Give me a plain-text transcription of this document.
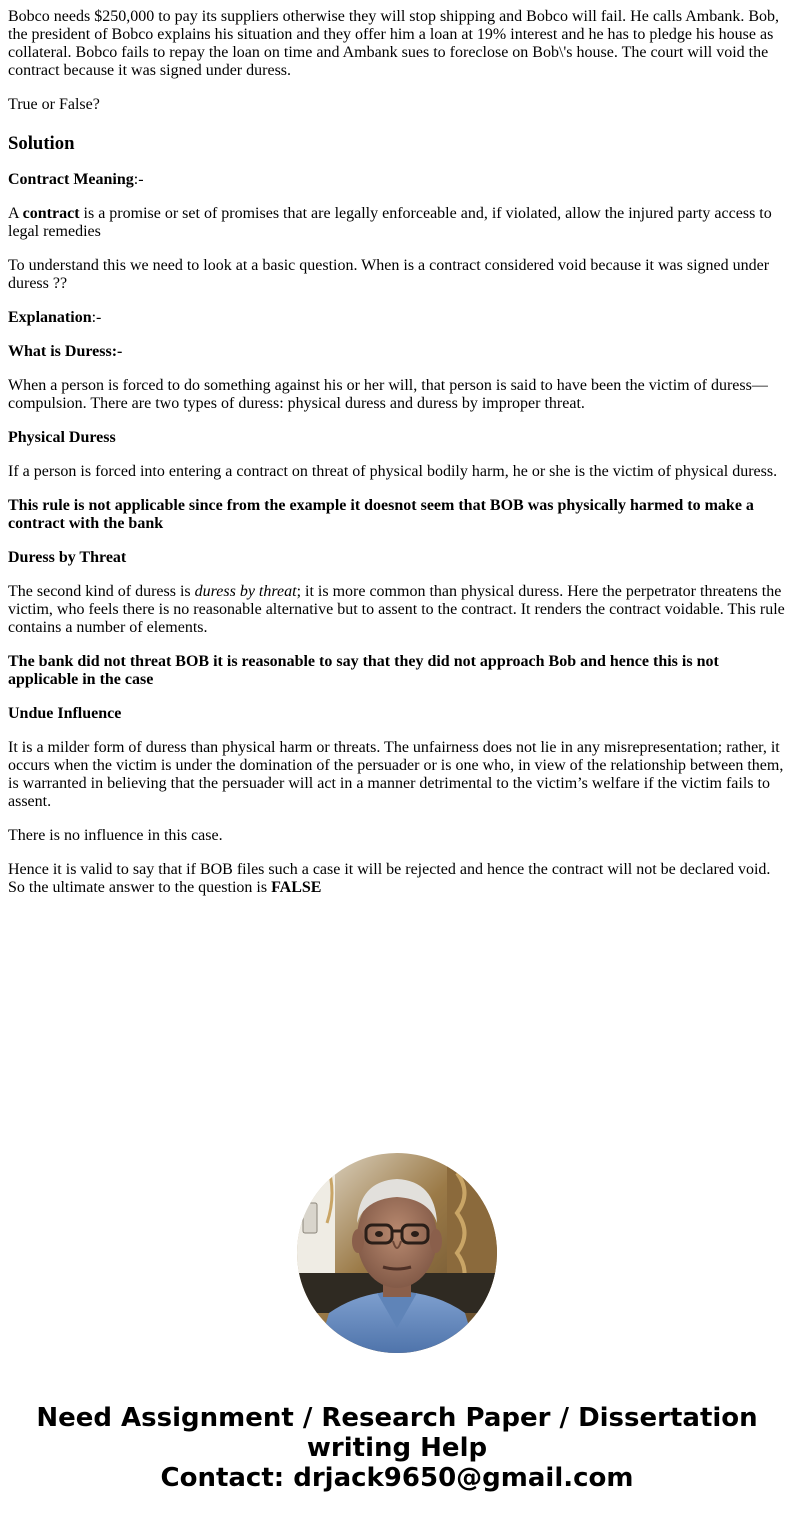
Bobco needs $250,000 to pay its suppliers otherwise they will stop shipping and Bobco will fail. He calls Ambank. Bob, the president of Bobco explains his situation and they offer him a loan at 19% interest and he has to pledge his house as collateral. Bobco fails to repay the loan on time and Ambank sues to foreclose on Bob\'s house. The court will void the contract because it was signed under duress.

True or False?

Solution

Contract Meaning:-

A contract is a promise or set of promises that are legally enforceable and, if violated, allow the injured party access to legal remedies

To understand this we need to look at a basic question. When is a contract considered void because it was signed under duress ??

Explanation:-

What is Duress:-

When a person is forced to do something against his or her will, that person is said to have been the victim of duress—compulsion. There are two types of duress: physical duress and duress by improper threat.

Physical Duress

If a person is forced into entering a contract on threat of physical bodily harm, he or she is the victim of physical duress.

This rule is not applicable since from the example it doesnot seem that BOB was physically harmed to make a contract with the bank

Duress by Threat

The second kind of duress is duress by threat; it is more common than physical duress. Here the perpetrator threatens the victim, who feels there is no reasonable alternative but to assent to the contract. It renders the contract voidable. This rule contains a number of elements.

The bank did not threat BOB it is reasonable to say that they did not approach Bob and hence this is not applicable in the case

Undue Influence

It is a milder form of duress than physical harm or threats. The unfairness does not lie in any misrepresentation; rather, it occurs when the victim is under the domination of the persuader or is one who, in view of the relationship between them, is warranted in believing that the persuader will act in a manner detrimental to the victim’s welfare if the victim fails to assent.

There is no influence in this case.

Hence it is valid to say that if BOB files such a case it will be rejected and hence the contract will not be declared void. So the ultimate answer to the question is FALSE

Need Assignment / Research Paper / Dissertation
writing Help
Contact: drjack9650@gmail.com
